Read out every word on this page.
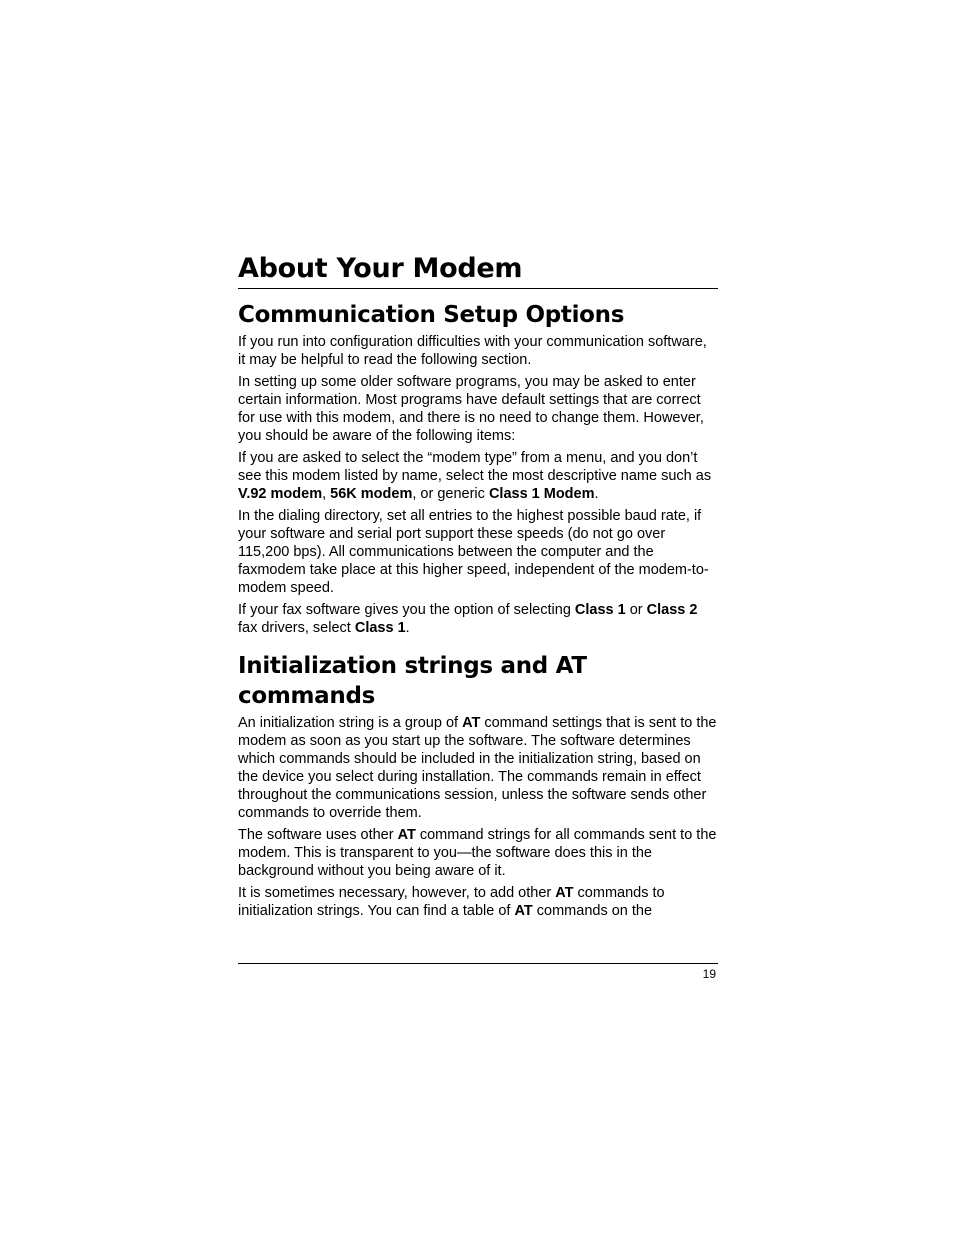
About Your Modem
Communication Setup Options

If you run into configuration difficulties with your communication software, it may be helpful to read the following section.

In setting up some older software programs, you may be asked to enter certain information. Most programs have default settings that are correct for use with this modem, and there is no need to change them. However, you should be aware of the following items:

If you are asked to select the “modem type” from a menu, and you don’t see this modem listed by name, select the most descriptive name such as V.92 modem, 56K modem, or generic Class 1 Modem.

In the dialing directory, set all entries to the highest possible baud rate, if your software and serial port support these speeds (do not go over 115,200 bps). All communications between the computer and the faxmodem take place at this higher speed, independent of the modem-to-modem speed.

If your fax software gives you the option of selecting Class 1 or Class 2 fax drivers, select Class 1.

Initialization strings and AT commands

An initialization string is a group of AT command settings that is sent to the modem as soon as you start up the software. The software determines which commands should be included in the initialization string, based on the device you select during installation. The commands remain in effect throughout the communications session, unless the software sends other commands to override them.

The software uses other AT command strings for all commands sent to the modem. This is transparent to you—the software does this in the background without you being aware of it.

It is sometimes necessary, however, to add other AT commands to initialization strings. You can find a table of AT commands on the

19
